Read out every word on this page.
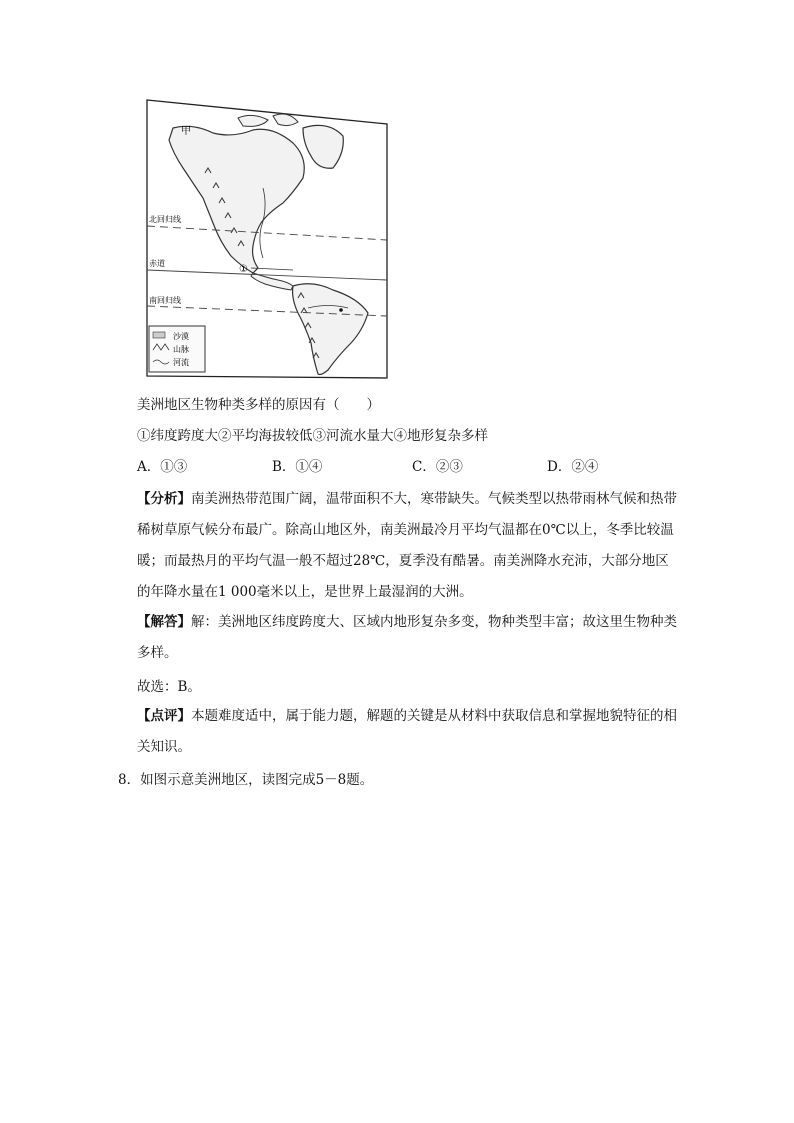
甲
北回归线
赤道
南回归线
①
沙漠
山脉
河流
美洲地区生物种类多样的原因有（　　）
①纬度跨度大②平均海拔较低③河流水量大④地形复杂多样
A．①③	B．①④	C．②③	D．②④
【分析】南美洲热带范围广阔，温带面积不大，寒带缺失。气候类型以热带雨林气候和热带稀树草原气候分布最广。除高山地区外，南美洲最冷月平均气温都在0℃以上，冬季比较温暖；而最热月的平均气温一般不超过28℃，夏季没有酷暑。南美洲降水充沛，大部分地区的年降水量在1 000毫米以上，是世界上最湿润的大洲。
【解答】解：美洲地区纬度跨度大、区域内地形复杂多变，物种类型丰富；故这里生物种类多样。
故选：B。
【点评】本题难度适中，属于能力题，解题的关键是从材料中获取信息和掌握地貌特征的相关知识。
8．如图示意美洲地区，读图完成5－8题。
